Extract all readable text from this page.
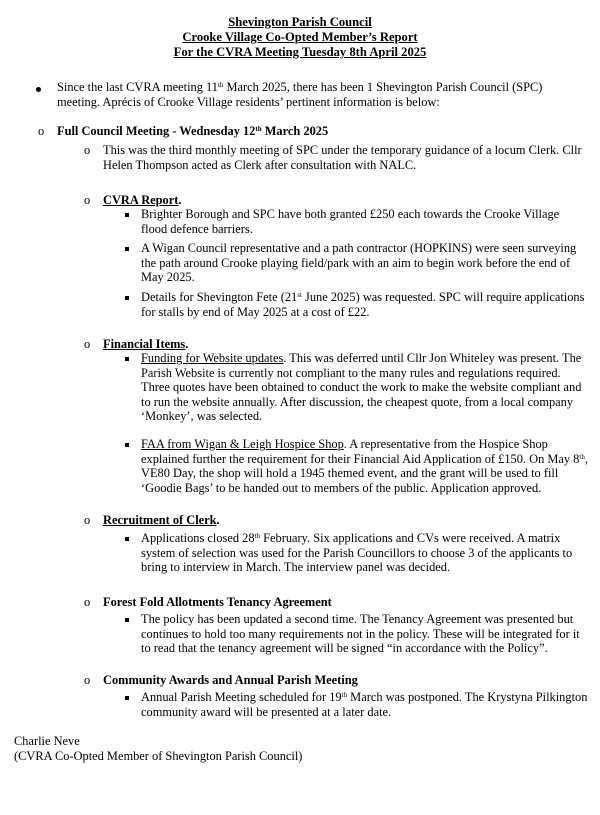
Shevington Parish Council
Crooke Village Co-Opted Member’s Report
For the CVRA Meeting Tuesday 8th April 2025
Since the last CVRA meeting 11th March 2025, there has been 1 Shevington Parish Council (SPC) meeting. Aprécis of Crooke Village residents’ pertinent information is below:
o Full Council Meeting - Wednesday 12th March 2025
o This was the third monthly meeting of SPC under the temporary guidance of a locum Clerk. Cllr Helen Thompson acted as Clerk after consultation with NALC.
o CVRA Report.
Brighter Borough and SPC have both granted £250 each towards the Crooke Village flood defence barriers.
A Wigan Council representative and a path contractor (HOPKINS) were seen surveying the path around Crooke playing field/park with an aim to begin work before the end of May 2025.
Details for Shevington Fete (21st June 2025) was requested. SPC will require applications for stalls by end of May 2025 at a cost of £22.
o Financial Items.
Funding for Website updates. This was deferred until Cllr Jon Whiteley was present. The Parish Website is currently not compliant to the many rules and regulations required. Three quotes have been obtained to conduct the work to make the website compliant and to run the website annually. After discussion, the cheapest quote, from a local company ‘Monkey’, was selected.
FAA from Wigan & Leigh Hospice Shop. A representative from the Hospice Shop explained further the requirement for their Financial Aid Application of £150. On May 8th, VE80 Day, the shop will hold a 1945 themed event, and the grant will be used to fill ‘Goodie Bags’ to be handed out to members of the public. Application approved.
o Recruitment of Clerk.
Applications closed 28th February. Six applications and CVs were received. A matrix system of selection was used for the Parish Councillors to choose 3 of the applicants to bring to interview in March. The interview panel was decided.
o Forest Fold Allotments Tenancy Agreement
The policy has been updated a second time. The Tenancy Agreement was presented but continues to hold too many requirements not in the policy. These will be integrated for it to read that the tenancy agreement will be signed “in accordance with the Policy”.
o Community Awards and Annual Parish Meeting
Annual Parish Meeting scheduled for 19th March was postponed. The Krystyna Pilkington community award will be presented at a later date.
Charlie Neve
(CVRA Co-Opted Member of Shevington Parish Council)
